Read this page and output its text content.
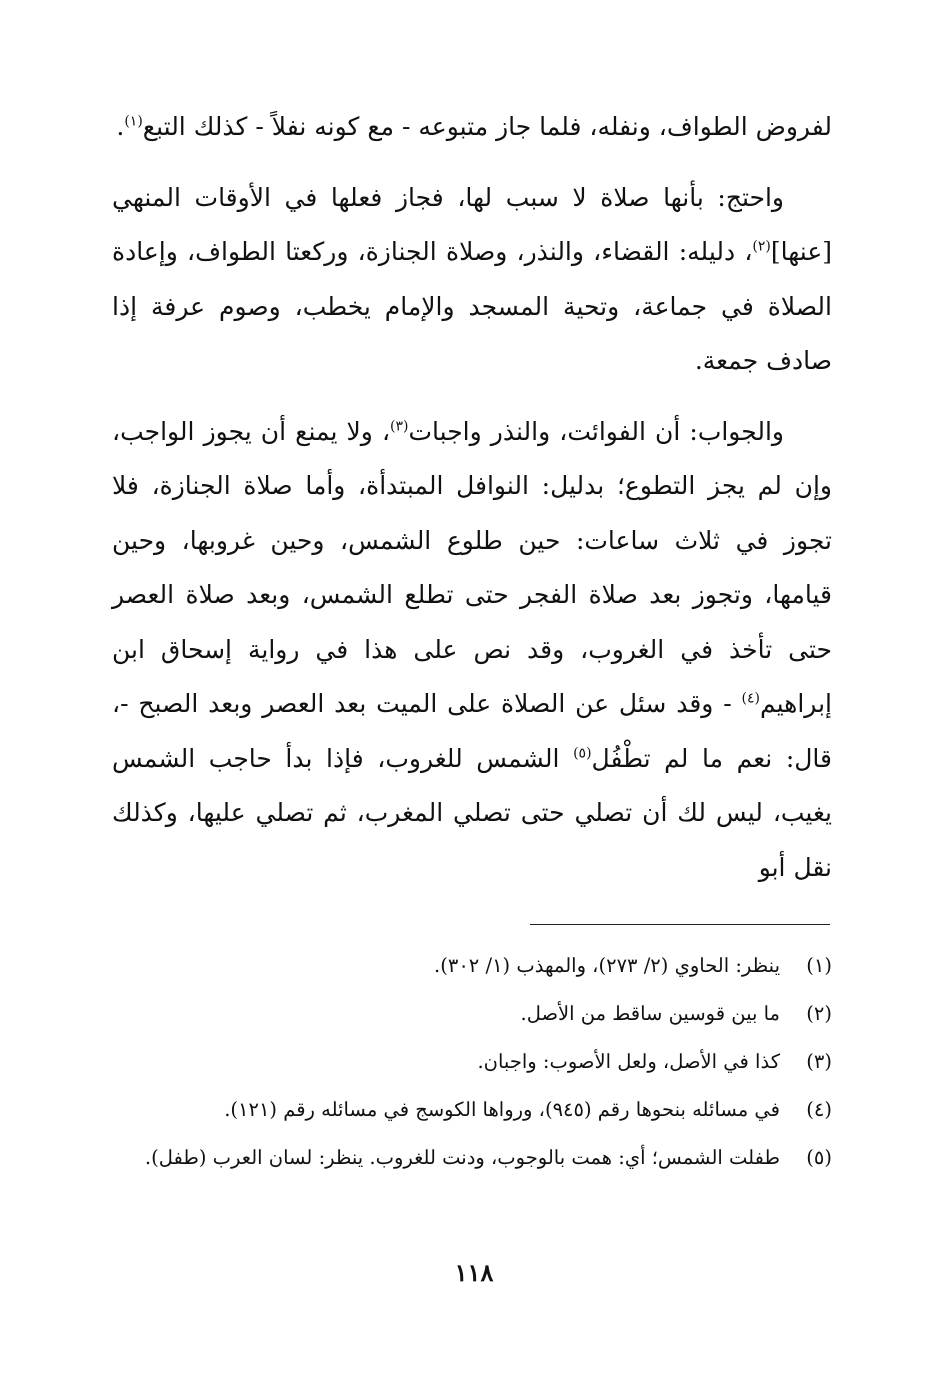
لفروض الطواف، ونفله، فلما جاز متبوعه - مع كونه نفلاً - كذلك التبع$^{(١)}$.

واحتج: بأنها صلاة لا سبب لها، فجاز فعلها في الأوقات المنهي [عنها]$^{(٢)}$، دليله: القضاء، والنذر، وصلاة الجنازة، وركعتا الطواف، وإعادة الصلاة في جماعة، وتحية المسجد والإمام يخطب، وصوم عرفة إذا صادف جمعة.

والجواب: أن الفوائت، والنذر واجبات$^{(٣)}$، ولا يمنع أن يجوز الواجب، وإن لم يجز التطوع؛ بدليل: النوافل المبتدأة، وأما صلاة الجنازة، فلا تجوز في ثلاث ساعات: حين طلوع الشمس، وحين غروبها، وحين قيامها، وتجوز بعد صلاة الفجر حتى تطلع الشمس، وبعد صلاة العصر حتى تأخذ في الغروب، وقد نص على هذا في رواية إسحاق ابن إبراهيم$^{(٤)}$ - وقد سئل عن الصلاة على الميت بعد العصر وبعد الصبح -، قال: نعم ما لم تطْفُل$^{(٥)}$ الشمس للغروب، فإذا بدأ حاجب الشمس يغيب، ليس لك أن تصلي حتى تصلي المغرب، ثم تصلي عليها، وكذلك نقل أبو

(١)
ينظر: الحاوي (٢/ ٢٧٣)، والمهذب (١/ ٣٠٢).
(٢)
ما بين قوسين ساقط من الأصل.
(٣)
كذا في الأصل، ولعل الأصوب: واجبان.
(٤)
في مسائله بنحوها رقم (٩٤٥)، ورواها الكوسج في مسائله رقم (١٢١).
(٥)
طفلت الشمس؛ أي: همت بالوجوب، ودنت للغروب. ينظر: لسان العرب (طفل).
١١٨
